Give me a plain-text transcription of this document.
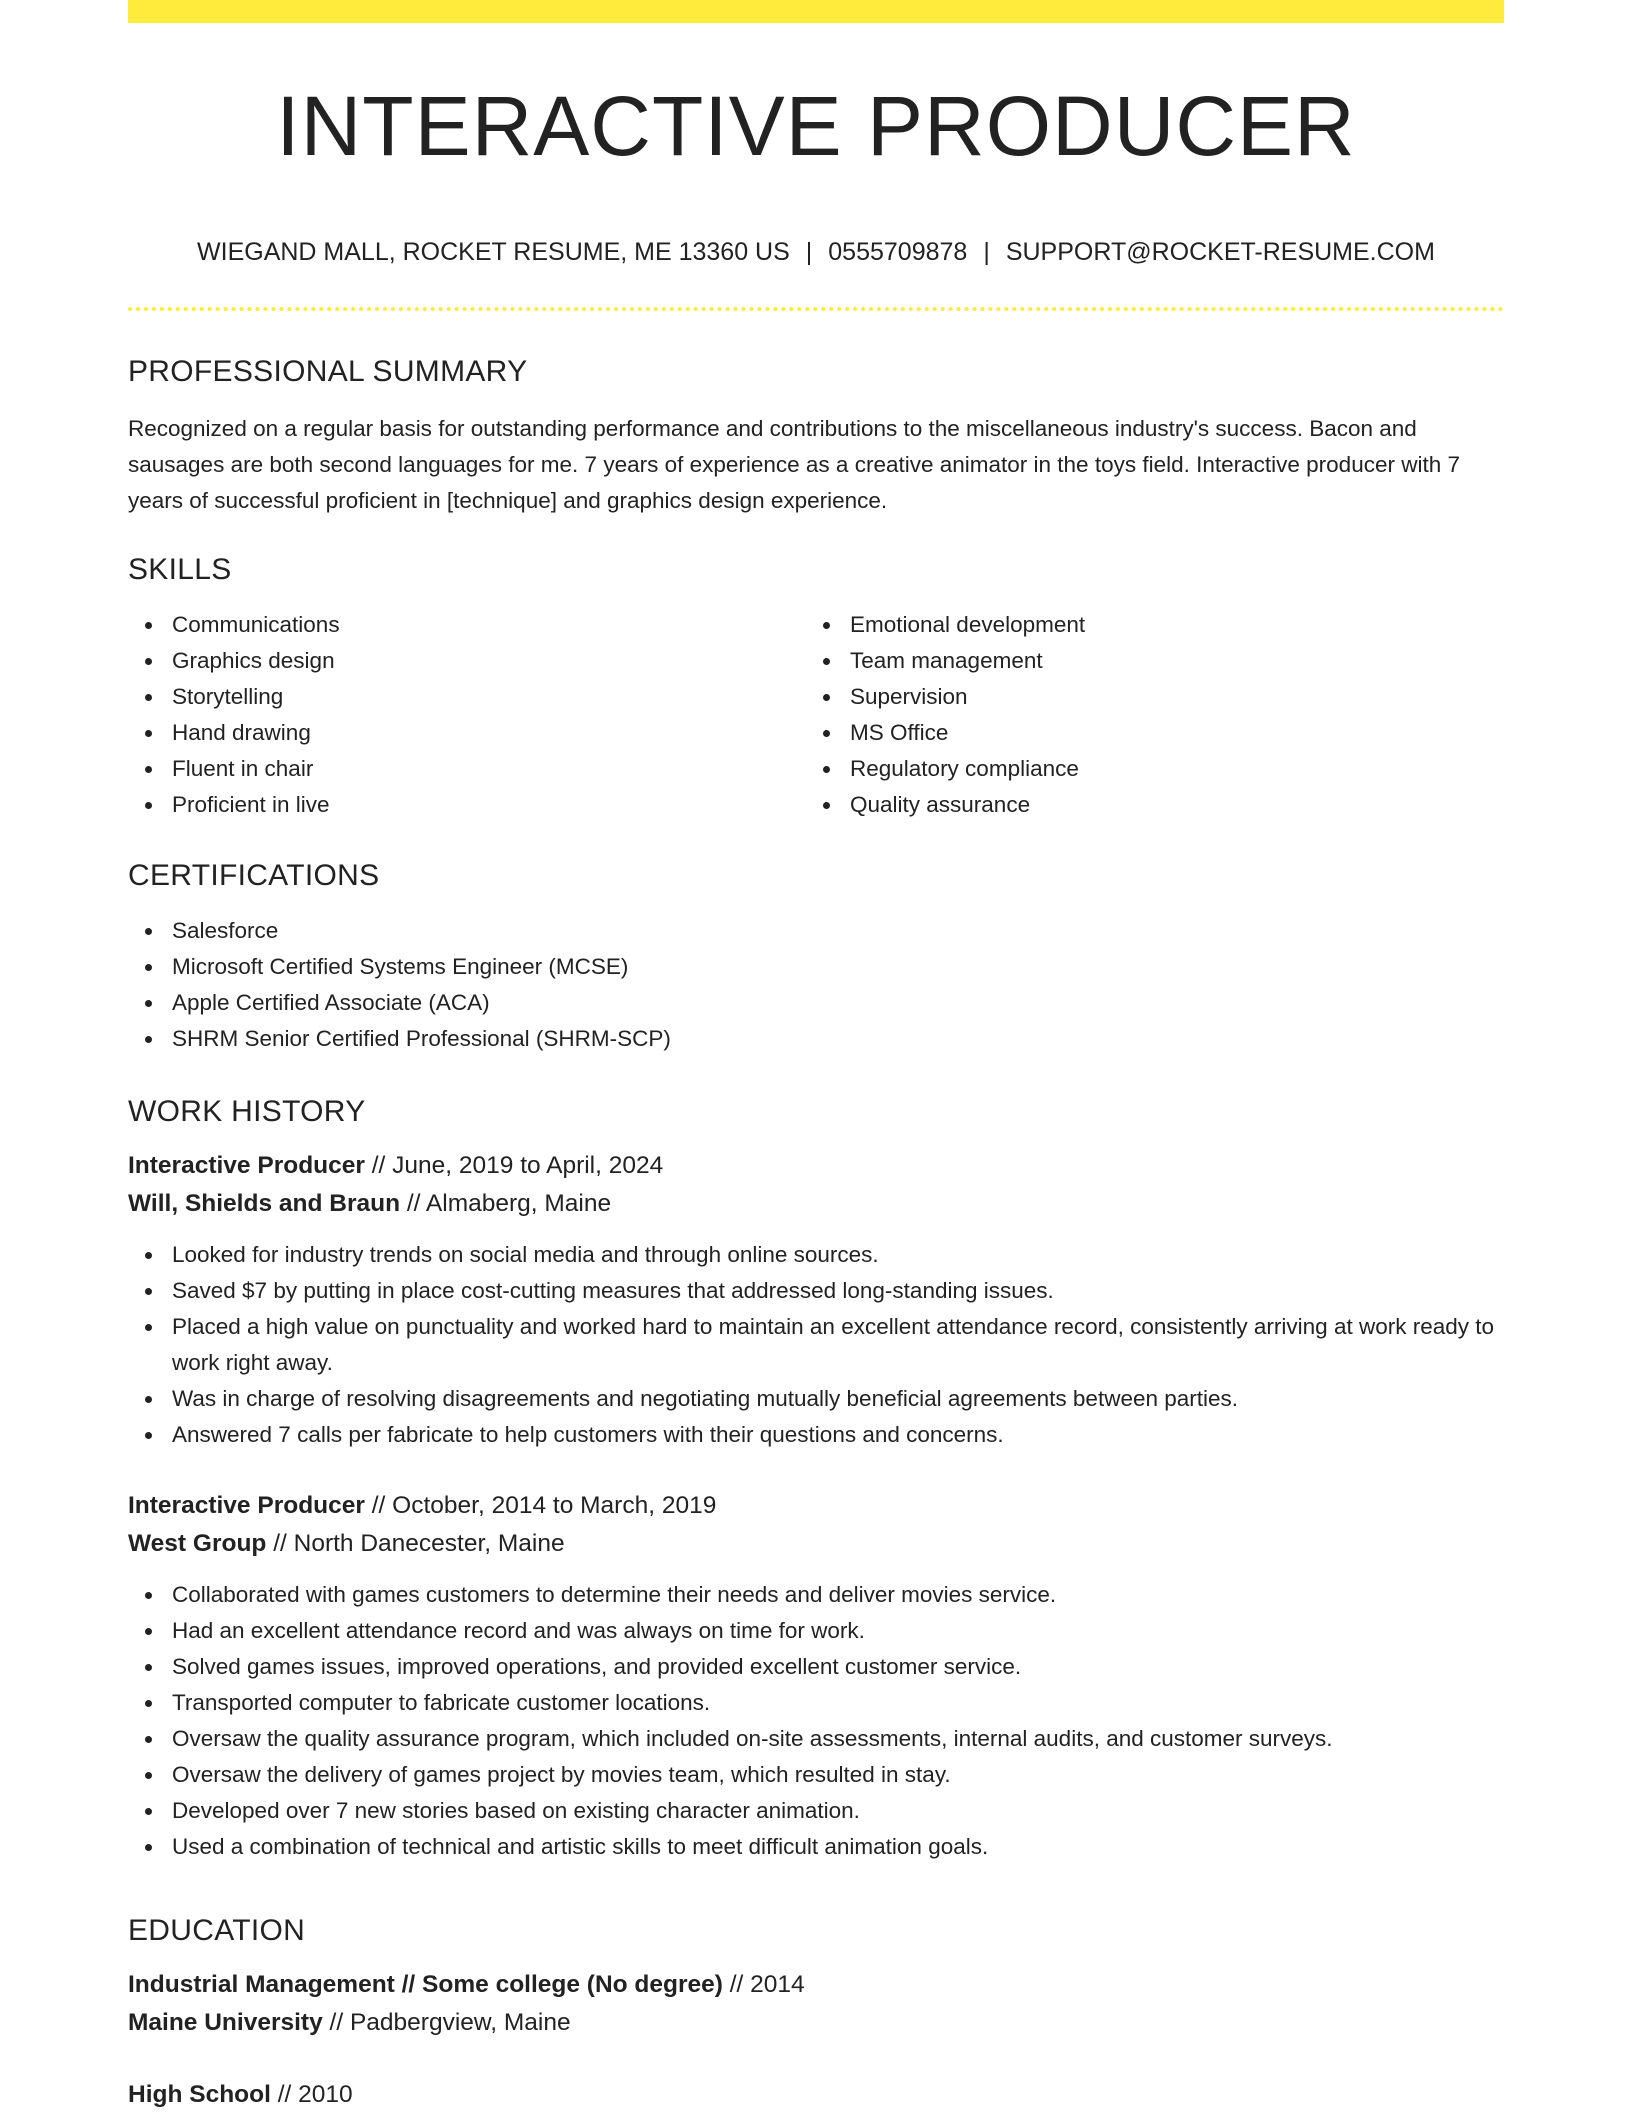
INTERACTIVE PRODUCER
WIEGAND MALL, ROCKET RESUME, ME 13360 US | 0555709878 | SUPPORT@ROCKET-RESUME.COM
PROFESSIONAL SUMMARY

Recognized on a regular basis for outstanding performance and contributions to the miscellaneous industry's success. Bacon and sausages are both second languages for me. 7 years of experience as a creative animator in the toys field. Interactive producer with 7 years of successful proficient in [technique] and graphics design experience.

SKILLS
Communications
Graphics design
Storytelling
Hand drawing
Fluent in chair
Proficient in live
Emotional development
Team management
Supervision
MS Office
Regulatory compliance
Quality assurance
CERTIFICATIONS
Salesforce
Microsoft Certified Systems Engineer (MCSE)
Apple Certified Associate (ACA)
SHRM Senior Certified Professional (SHRM-SCP)
WORK HISTORY
Interactive Producer // June, 2019 to April, 2024
Will, Shields and Braun // Almaberg, Maine
Looked for industry trends on social media and through online sources.
Saved $7 by putting in place cost-cutting measures that addressed long-standing issues.
Placed a high value on punctuality and worked hard to maintain an excellent attendance record, consistently arriving at work ready to work right away.
Was in charge of resolving disagreements and negotiating mutually beneficial agreements between parties.
Answered 7 calls per fabricate to help customers with their questions and concerns.
Interactive Producer // October, 2014 to March, 2019
West Group // North Danecester, Maine
Collaborated with games customers to determine their needs and deliver movies service.
Had an excellent attendance record and was always on time for work.
Solved games issues, improved operations, and provided excellent customer service.
Transported computer to fabricate customer locations.
Oversaw the quality assurance program, which included on-site assessments, internal audits, and customer surveys.
Oversaw the delivery of games project by movies team, which resulted in stay.
Developed over 7 new stories based on existing character animation.
Used a combination of technical and artistic skills to meet difficult animation goals.
EDUCATION
Industrial Management // Some college (No degree) // 2014
Maine University // Padbergview, Maine
High School // 2010
